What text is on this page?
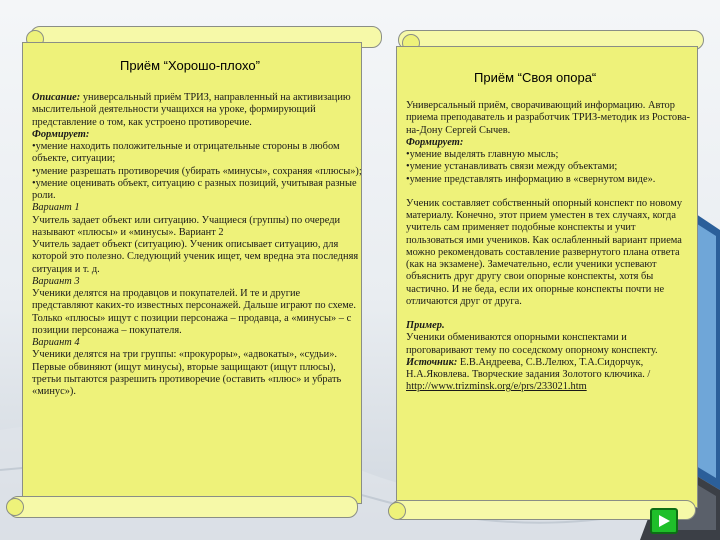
Приём “Хорошо-плохо”
Приём “Своя опора“

Описание: универсальный приём ТРИЗ, направленный на активизацию мыслительной деятельности учащихся на уроке, формирующий представление о том, как устроено противоречие.

Формирует:

•умение находить положительные и отрицательные стороны в любом объекте, ситуации;

•умение разрешать противоречия (убирать «минусы», сохраняя «плюсы»);

•умение оценивать объект, ситуацию с разных позиций, учитывая разные роли.

Вариант 1

Учитель задает объект или ситуацию. Учащиеся (группы) по очереди называют «плюсы» и «минусы». Вариант 2

Учитель задает объект (ситуацию). Ученик описывает ситуацию, для которой это полезно. Следующий ученик ищет, чем вредна эта последняя ситуация и т. д.

Вариант 3

Ученики делятся на продавцов и покупателей. И те и другие представляют каких-то известных персонажей. Дальше играют по схеме. Только «плюсы» ищут с позиции персонажа – продавца, а «минусы» – с позиции персонажа – покупателя.

Вариант 4

Ученики делятся на три группы: «прокуроры», «адвокаты», «судьи». Первые обвиняют (ищут минусы), вторые защищают (ищут плюсы), третьи пытаются разрешить противоречие (оставить «плюс» и убрать «минус»).

Универсальный приём, сворачивающий информацию. Автор приема преподаватель и разработчик ТРИЗ-методик из Ростова-на-Дону Сергей Сычев.

Формирует:

•умение выделять главную мысль;

•умение устанавливать связи между объектами;

•умение представлять информацию в «свернутом виде».

Ученик составляет собственный опорный конспект по новому материалу. Конечно, этот прием уместен в тех случаях, когда учитель сам применяет подобные конспекты и учит пользоваться ими учеников. Как ослабленный вариант приема можно рекомендовать составление развернутого плана ответа (как на экзамене). Замечательно, если ученики успевают объяснить друг другу свои опорные конспекты, хотя бы частично. И не беда, если их опорные конспекты почти не отличаются друг от друга.

Пример.

Ученики обмениваются опорными конспектами и проговаривают тему по соседскому опорному конспекту.

Источник: Е.В.Андреева, С.В.Лелюх, Т.А.Сидорчук, Н.А.Яковлева. Творческие задания Золотого ключика. /

http://www.trizminsk.org/e/prs/233021.htm
